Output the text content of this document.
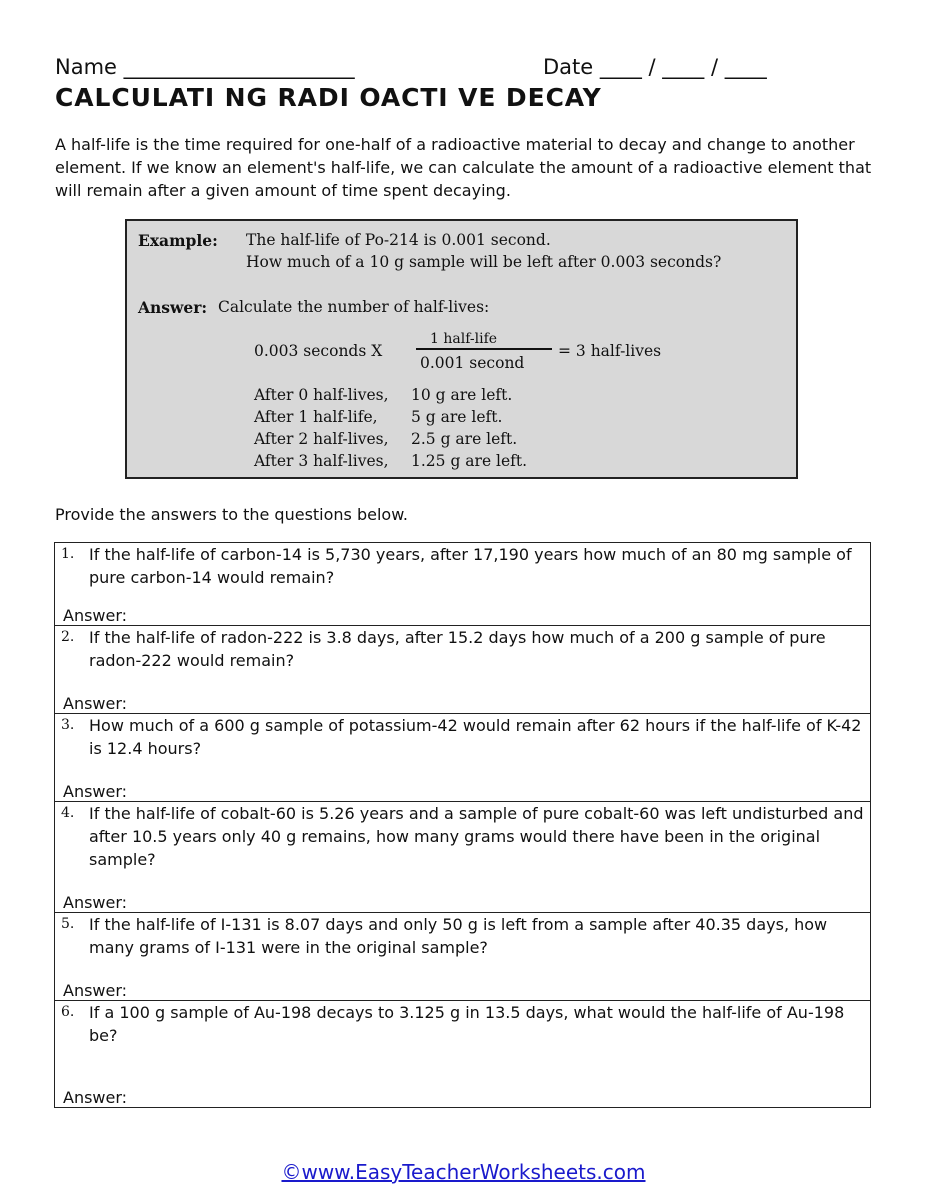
Name ______________________	Date ____ / ____ / ____
CALCULATI NG RADI OACTI VE DECAY
A half-life is the time required for one-half of a radioactive material to decay and change to another element. If we know an element's half-life, we can calculate the amount of a radioactive element that will remain after a given amount of time spent decaying.
Example: The half-life of Po-214 is 0.001 second.
How much of a 10 g sample will be left after 0.003 seconds?
Answer: Calculate the number of half-lives:
0.003 seconds X
1 half-life
0.001 second
= 3 half-lives
After 0 half-lives, 10 g are left.
After 1 half-life, 5 g are left.
After 2 half-lives, 2.5 g are left.
After 3 half-lives, 1.25 g are left.
Provide the answers to the questions below.
1. If the half-life of carbon-14 is 5,730 years, after 17,190 years how much of an 80 mg sample of pure carbon-14 would remain?
Answer:
2. If the half-life of radon-222 is 3.8 days, after 15.2 days how much of a 200 g sample of pure radon-222 would remain?
Answer:
3. How much of a 600 g sample of potassium-42 would remain after 62 hours if the half-life of K-42 is 12.4 hours?
Answer:
4. If the half-life of cobalt-60 is 5.26 years and a sample of pure cobalt-60 was left undisturbed and after 10.5 years only 40 g remains, how many grams would there have been in the original sample?
Answer:
5. If the half-life of I-131 is 8.07 days and only 50 g is left from a sample after 40.35 days, how many grams of I-131 were in the original sample?
Answer:
6. If a 100 g sample of Au-198 decays to 3.125 g in 13.5 days, what would the half-life of Au-198 be?
Answer:
©www.EasyTeacherWorksheets.com
